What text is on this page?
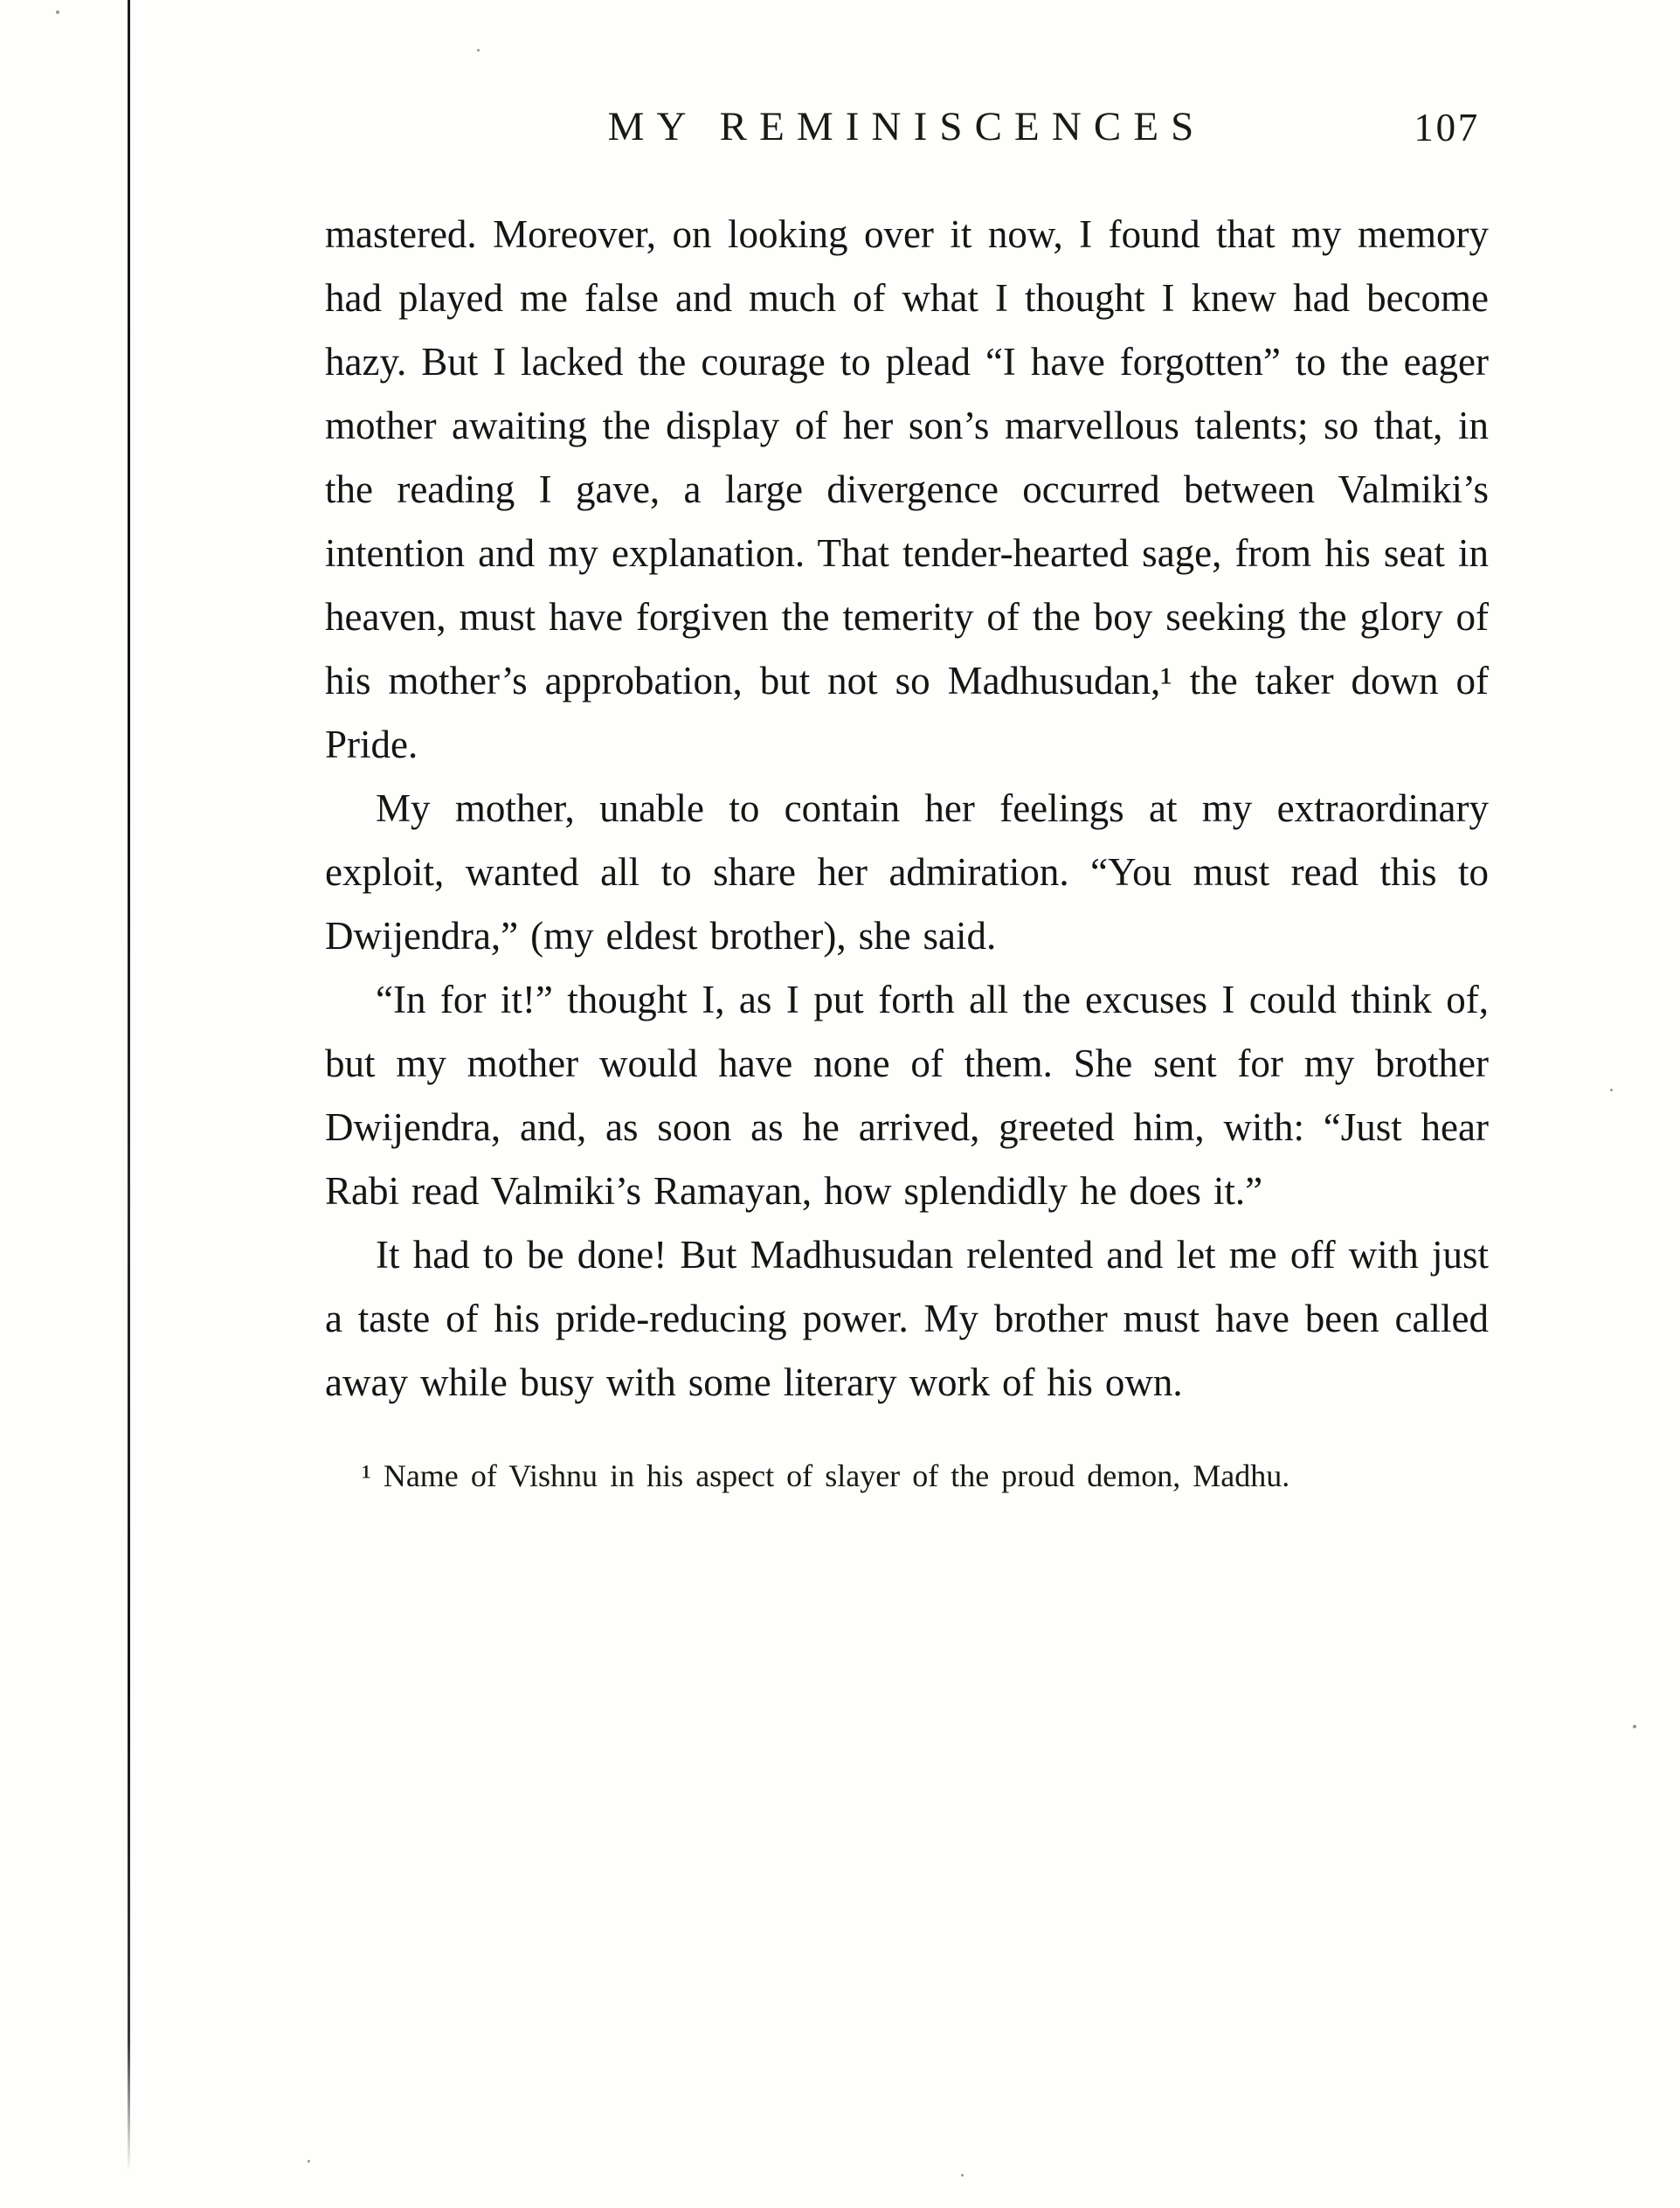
MY REMINISCENCES	107

mastered. Moreover, on looking over it now, I found that my memory had played me false and much of what I thought I knew had become hazy. But I lacked the courage to plead “I have forgotten” to the eager mother awaiting the display of her son’s marvellous talents; so that, in the reading I gave, a large divergence occurred between Valmiki’s intention and my explanation. That tender-hearted sage, from his seat in heaven, must have forgiven the temerity of the boy seeking the glory of his mother’s approbation, but not so Madhusudan,¹ the taker down of Pride.

My mother, unable to contain her feelings at my extraordinary exploit, wanted all to share her admiration. “You must read this to Dwijendra,” (my eldest brother), she said.

“In for it!” thought I, as I put forth all the excuses I could think of, but my mother would have none of them. She sent for my brother Dwijendra, and, as soon as he arrived, greeted him, with: “Just hear Rabi read Valmiki’s Ramayan, how splendidly he does it.”

It had to be done! But Madhusudan relented and let me off with just a taste of his pride-reducing power. My brother must have been called away while busy with some literary work of his own.

¹ Name of Vishnu in his aspect of slayer of the proud demon, Madhu.
